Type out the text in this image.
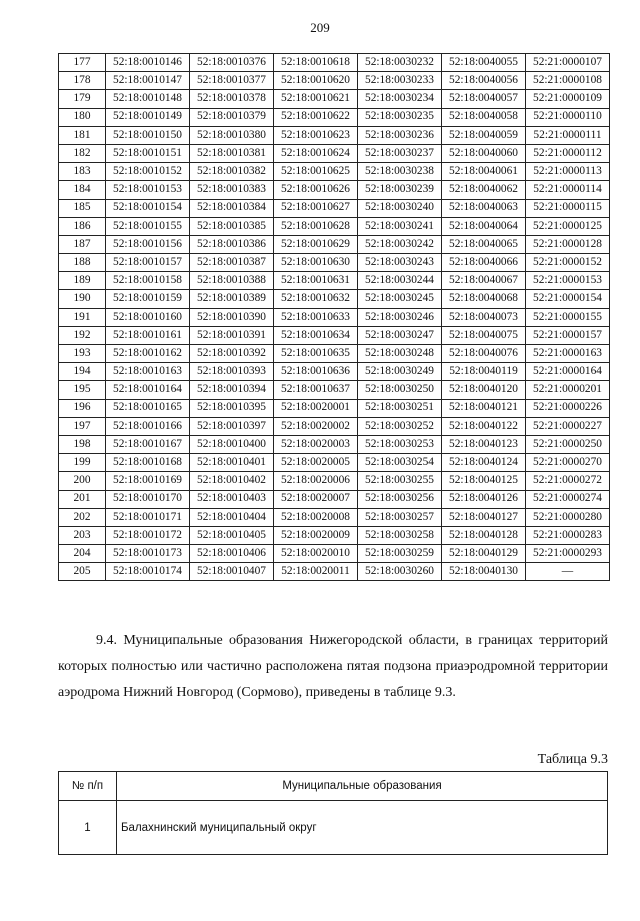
209
177	52:18:0010146	52:18:0010376	52:18:0010618	52:18:0030232	52:18:0040055	52:21:0000107
178	52:18:0010147	52:18:0010377	52:18:0010620	52:18:0030233	52:18:0040056	52:21:0000108
179	52:18:0010148	52:18:0010378	52:18:0010621	52:18:0030234	52:18:0040057	52:21:0000109
180	52:18:0010149	52:18:0010379	52:18:0010622	52:18:0030235	52:18:0040058	52:21:0000110
181	52:18:0010150	52:18:0010380	52:18:0010623	52:18:0030236	52:18:0040059	52:21:0000111
182	52:18:0010151	52:18:0010381	52:18:0010624	52:18:0030237	52:18:0040060	52:21:0000112
183	52:18:0010152	52:18:0010382	52:18:0010625	52:18:0030238	52:18:0040061	52:21:0000113
184	52:18:0010153	52:18:0010383	52:18:0010626	52:18:0030239	52:18:0040062	52:21:0000114
185	52:18:0010154	52:18:0010384	52:18:0010627	52:18:0030240	52:18:0040063	52:21:0000115
186	52:18:0010155	52:18:0010385	52:18:0010628	52:18:0030241	52:18:0040064	52:21:0000125
187	52:18:0010156	52:18:0010386	52:18:0010629	52:18:0030242	52:18:0040065	52:21:0000128
188	52:18:0010157	52:18:0010387	52:18:0010630	52:18:0030243	52:18:0040066	52:21:0000152
189	52:18:0010158	52:18:0010388	52:18:0010631	52:18:0030244	52:18:0040067	52:21:0000153
190	52:18:0010159	52:18:0010389	52:18:0010632	52:18:0030245	52:18:0040068	52:21:0000154
191	52:18:0010160	52:18:0010390	52:18:0010633	52:18:0030246	52:18:0040073	52:21:0000155
192	52:18:0010161	52:18:0010391	52:18:0010634	52:18:0030247	52:18:0040075	52:21:0000157
193	52:18:0010162	52:18:0010392	52:18:0010635	52:18:0030248	52:18:0040076	52:21:0000163
194	52:18:0010163	52:18:0010393	52:18:0010636	52:18:0030249	52:18:0040119	52:21:0000164
195	52:18:0010164	52:18:0010394	52:18:0010637	52:18:0030250	52:18:0040120	52:21:0000201
196	52:18:0010165	52:18:0010395	52:18:0020001	52:18:0030251	52:18:0040121	52:21:0000226
197	52:18:0010166	52:18:0010397	52:18:0020002	52:18:0030252	52:18:0040122	52:21:0000227
198	52:18:0010167	52:18:0010400	52:18:0020003	52:18:0030253	52:18:0040123	52:21:0000250
199	52:18:0010168	52:18:0010401	52:18:0020005	52:18:0030254	52:18:0040124	52:21:0000270
200	52:18:0010169	52:18:0010402	52:18:0020006	52:18:0030255	52:18:0040125	52:21:0000272
201	52:18:0010170	52:18:0010403	52:18:0020007	52:18:0030256	52:18:0040126	52:21:0000274
202	52:18:0010171	52:18:0010404	52:18:0020008	52:18:0030257	52:18:0040127	52:21:0000280
203	52:18:0010172	52:18:0010405	52:18:0020009	52:18:0030258	52:18:0040128	52:21:0000283
204	52:18:0010173	52:18:0010406	52:18:0020010	52:18:0030259	52:18:0040129	52:21:0000293
205	52:18:0010174	52:18:0010407	52:18:0020011	52:18:0030260	52:18:0040130	—

9.4. Муниципальные образования Нижегородской области, в границах территорий которых полностью или частично расположена пятая подзона приаэродромной территории аэродрома Нижний Новгород (Сормово), приведены в таблице 9.3.

Таблица 9.3
№ п/п	Муниципальные образования
1	Балахнинский муниципальный округ
